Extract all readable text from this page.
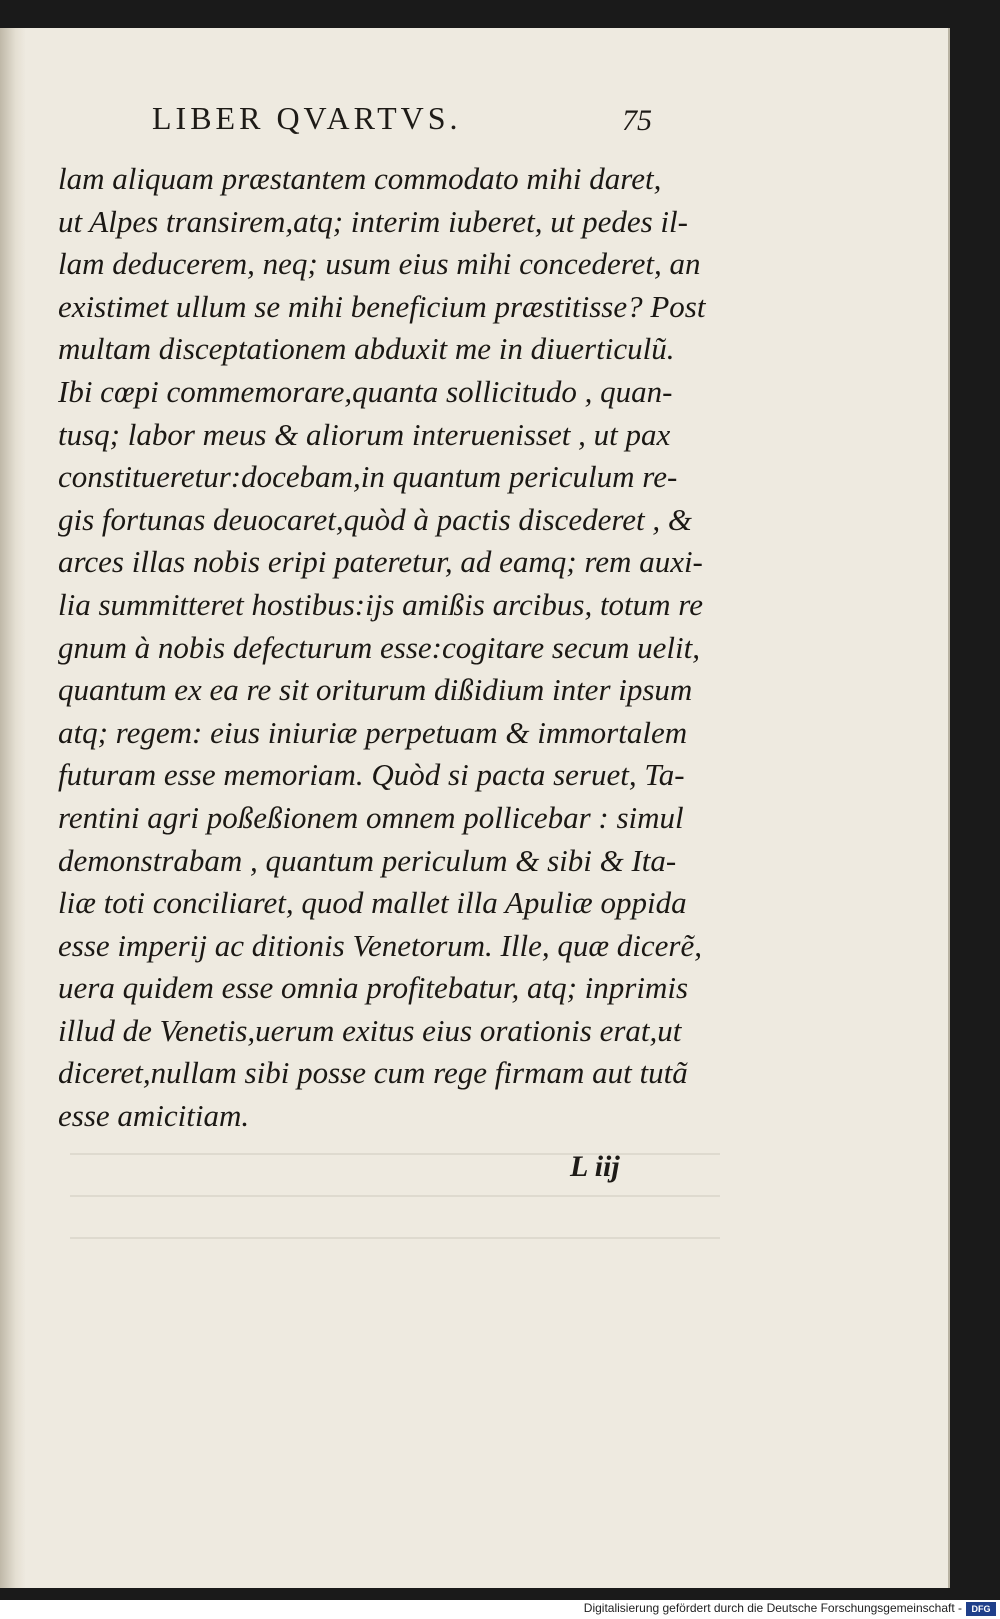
LIBER QVARTVS.	75
lam aliquam præstantem commodato mihi daret,
ut Alpes transirem,atq; interim iuberet, ut pedes il-
lam deducerem, neq; usum eius mihi concederet, an
existimet ullum se mihi beneficium præstitisse? Post
multam disceptationem abduxit me in diuerticulũ.
Ibi cœpi commemorare,quanta sollicitudo , quan-
tusq; labor meus & aliorum interuenisset , ut pax
constitueretur:docebam,in quantum periculum re-
gis fortunas deuocaret,quòd à pactis discederet , &
arces illas nobis eripi pateretur, ad eamq; rem auxi-
lia summitteret hostibus:ijs amißis arcibus, totum re
gnum à nobis defecturum esse:cogitare secum uelit,
quantum ex ea re sit oriturum dißidium inter ipsum
atq; regem: eius iniuriæ perpetuam & immortalem
futuram esse memoriam. Quòd si pacta seruet, Ta-
rentini agri poßeßionem omnem pollicebar : simul
demonstrabam , quantum periculum & sibi & Ita-
liæ toti conciliaret, quod mallet illa Apuliæ oppida
esse imperij ac ditionis Venetorum. Ille, quæ dicerẽ,
uera quidem esse omnia profitebatur, atq; inprimis
illud de Venetis,uerum exitus eius orationis erat,ut
diceret,nullam sibi posse cum rege firmam aut tutã
esse amicitiam.
L iij
Digitalisierung gefördert durch die Deutsche Forschungsgemeinschaft -	DFG
